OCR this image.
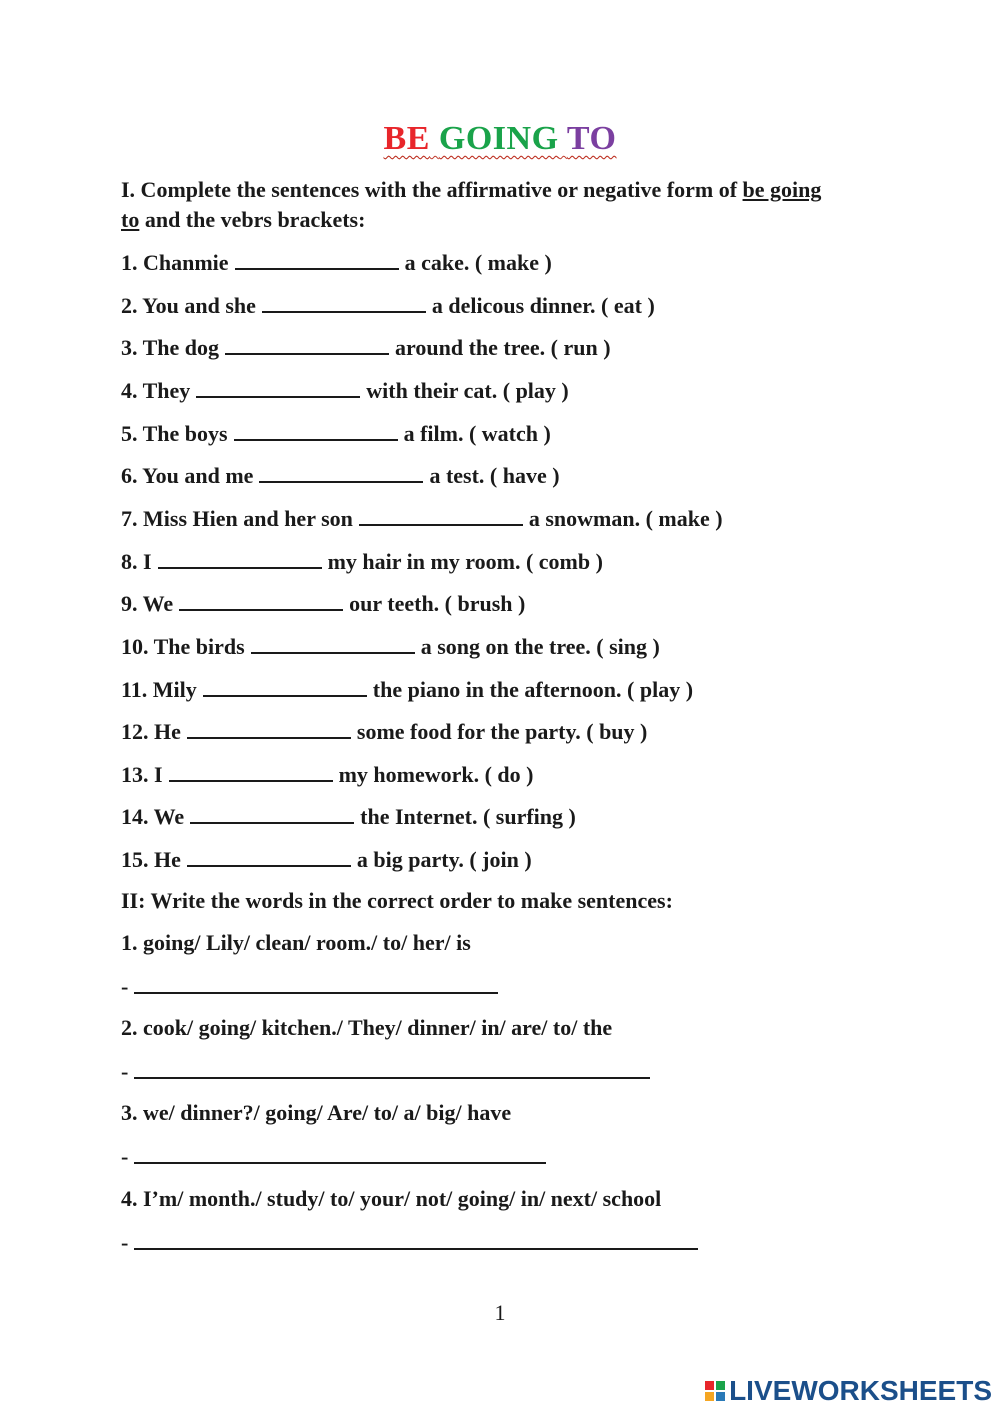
BE GOING TO
I. Complete the sentences with the affirmative or negative form of be going
to and the vebrs brackets:
1. Chanmie	a cake. ( make )
2. You and she	a delicous dinner. ( eat )
3. The dog	around the tree. ( run )
4. They	with their cat. ( play )
5. The boys	a film. ( watch )
6. You and me	a test. ( have )
7. Miss Hien and her son	a snowman. ( make )
8. I	my hair in my room. ( comb )
9. We	our teeth. ( brush )
10. The birds	a song on the tree. ( sing )
11. Mily	the piano in the afternoon. ( play )
12. He	some food for the party. ( buy )
13. I	my homework. ( do )
14. We	the Internet. ( surfing )
15. He	a big party. ( join )
II: Write the words in the correct order to make sentences:
1. going/ Lily/ clean/ room./ to/ her/ is
-
2. cook/ going/ kitchen./ They/ dinner/ in/ are/ to/ the
-
3. we/ dinner?/ going/ Are/ to/ a/ big/ have
-
4. I’m/ month./ study/ to/ your/ not/ going/ in/ next/ school
-
1
LIVEWORKSHEETS
